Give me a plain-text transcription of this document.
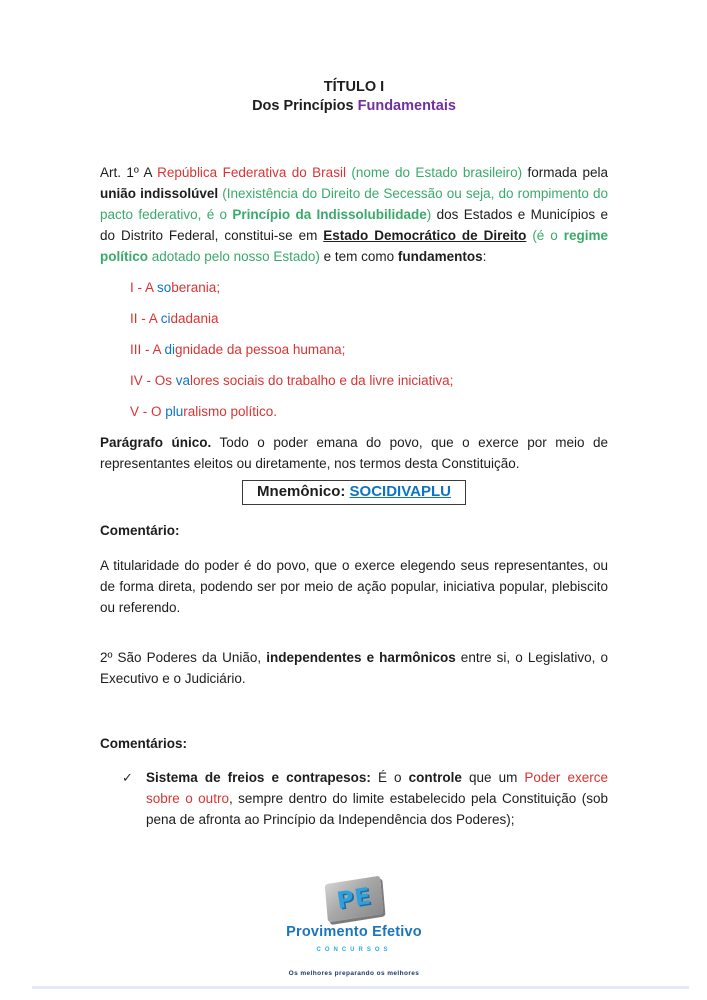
TÍTULO I
Dos Princípios Fundamentais
Art. 1º A República Federativa do Brasil (nome do Estado brasileiro) formada pela união indissolúvel (Inexistência do Direito de Secessão ou seja, do rompimento do pacto federativo, é o Princípio da Indissolubilidade) dos Estados e Municípios e do Distrito Federal, constitui-se em Estado Democrático de Direito (é o regime político adotado pelo nosso Estado) e tem como fundamentos:
I - A soberania;
II - A cidadania
III - A dignidade da pessoa humana;
IV - Os valores sociais do trabalho e da livre iniciativa;
V - O pluralismo político.
Parágrafo único. Todo o poder emana do povo, que o exerce por meio de representantes eleitos ou diretamente, nos termos desta Constituição.
Mnemônico: SOCIDIVAPLU
Comentário:
A titularidade do poder é do povo, que o exerce elegendo seus representantes, ou de forma direta, podendo ser por meio de ação popular, iniciativa popular, plebiscito ou referendo.
2º São Poderes da União, independentes e harmônicos entre si, o Legislativo, o Executivo e o Judiciário.
Comentários:
✓ Sistema de freios e contrapesos: É o controle que um Poder exerce sobre o outro, sempre dentro do limite estabelecido pela Constituição (sob pena de afronta ao Princípio da Independência dos Poderes);
PE
Provimento Efetivo
CONCURSOS
Os melhores preparando os melhores
